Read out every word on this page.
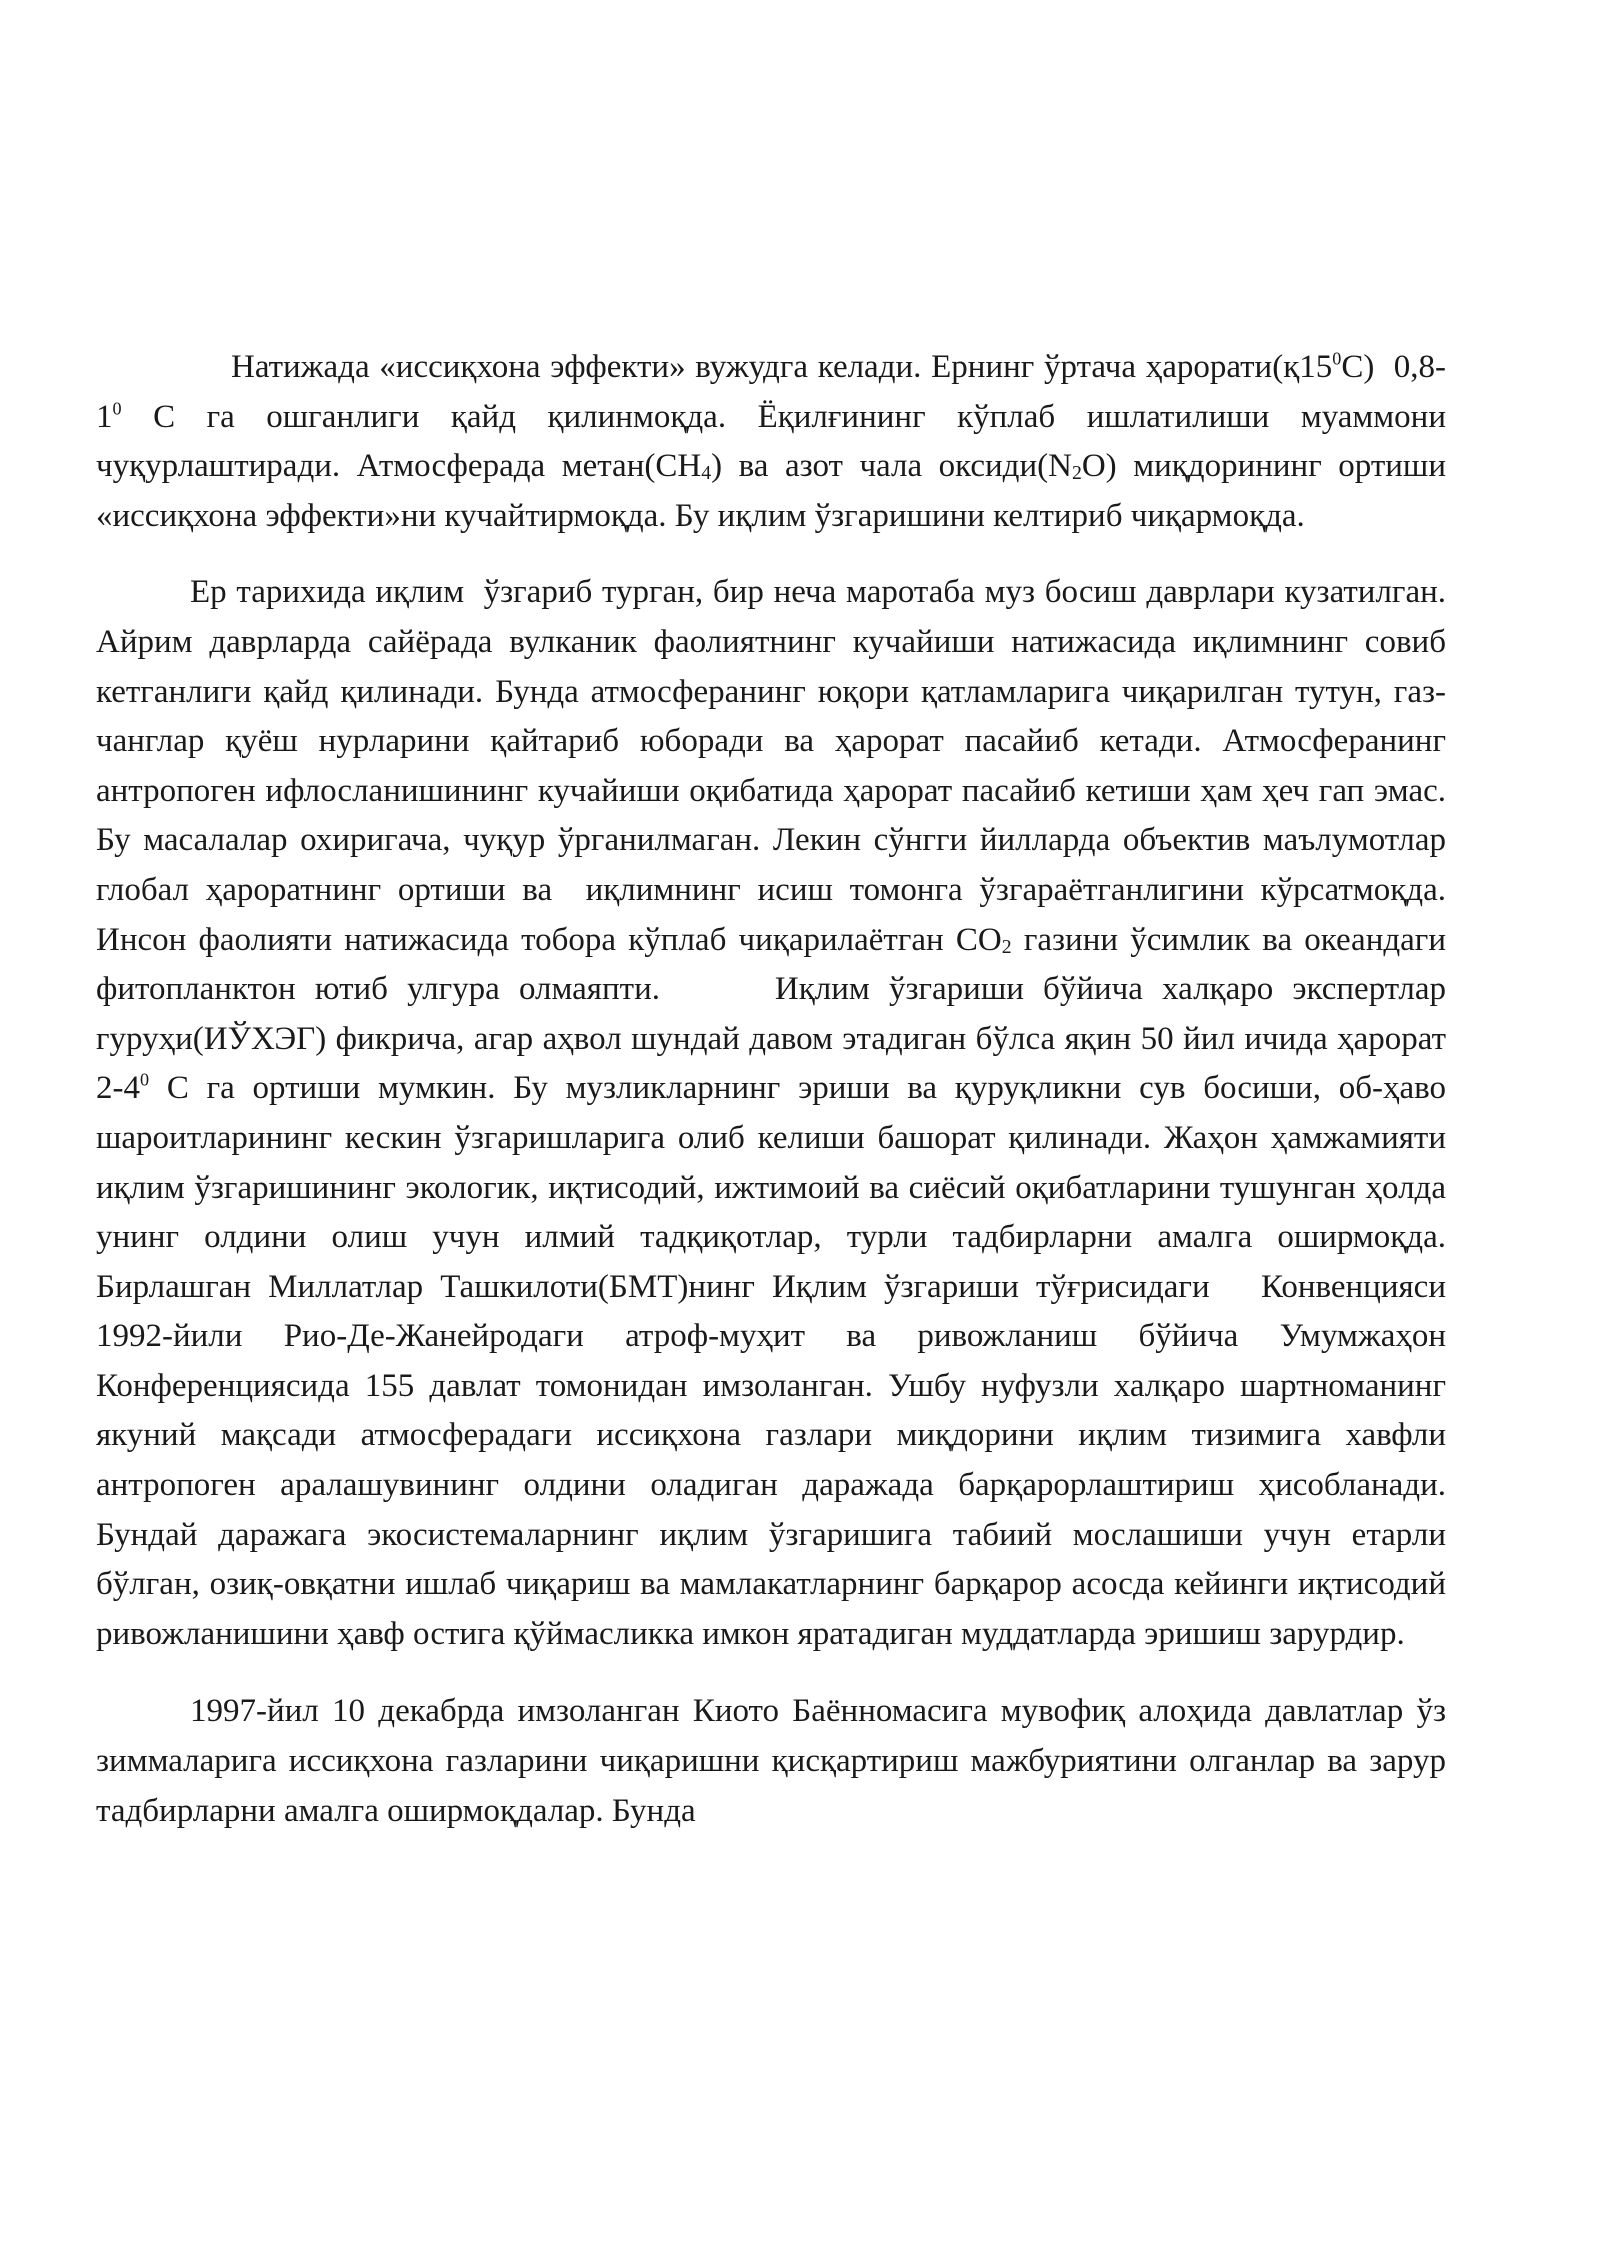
Натижада «иссиқхона эффекти» вужудга келади. Ернинг ўртача $ҳарорати(қ15^0С)$  $0,8-1^0$ С га ошганлиги қайд қилинмоқда. Ёқилғининг кўплаб ишлатилиши муаммони чуқурлаштиради. Атмосферада $метан(СН_4)$ ва азот чала $оксиди(N_2O)$ миқдорининг ортиши  «иссиқхона эффекти»ни кучайтирмоқда. Бу иқлим ўзгаришини келтириб чиқармоқда.

Ер тарихида иқлим  ўзгариб турган, бир неча маротаба муз босиш даврлари кузатилган. Айрим даврларда сайёрада вулканик фаолиятнинг кучайиши натижасида иқлимнинг совиб кетганлиги қайд қилинади. Бунда атмосферанинг юқори қатламларига чиқарилган тутун, газ-чанглар қуёш нурларини қайтариб юборади ва ҳарорат пасайиб кетади. Атмосферанинг антропоген ифлосланишининг кучайиши оқибатида ҳарорат пасайиб кетиши ҳам ҳеч гап эмас. Бу масалалар охиригача, чуқур ўрганилмаган. Лекин сўнгги йилларда объектив маълумотлар глобал ҳароратнинг ортиши ва  иқлимнинг исиш томонга ўзгараётганлигини кўрсатмоқда. Инсон фаолияти натижасида тобора кўплаб чиқарилаётган $СО_2$ газини ўсимлик ва океандаги фитопланктон ютиб улгура олмаяпти.      Иқлим ўзгариши бўйича халқаро экспертлар гуруҳи(ИЎХЭГ) фикрича, агар аҳвол шундай давом этадиган бўлса яқин 50 йил ичида ҳарорат $2-4^0$ С га ортиши мумкин. Бу музликларнинг эриши ва қуруқликни сув босиши, об-ҳаво шароитларининг кескин ўзгаришларига олиб келиши башорат қилинади. Жаҳон ҳамжамияти иқлим ўзгаришининг экологик, иқтисодий, ижтимоий ва сиёсий оқибатларини тушунган ҳолда      унинг олдини олиш учун илмий тадқиқотлар, турли тадбирларни амалга оширмоқда. Бирлашган Миллатлар Ташкилоти(БМТ)нинг Иқлим ўзгариши тўғрисидаги   Конвенцияси 1992-йили Рио-Де-Жанейродаги атроф-муҳит ва ривожланиш бўйича Умумжаҳон Конференциясида 155 давлат томонидан имзоланган. Ушбу нуфузли халқаро шартноманинг якуний мақсади атмосферадаги иссиқхона газлари миқдорини иқлим тизимига хавфли антропоген аралашувининг олдини оладиган даражада барқарорлаштириш ҳисобланади. Бундай даражага экосистемаларнинг иқлим ўзгаришига табиий мослашиши учун етарли бўлган, озиқ-овқатни ишлаб чиқариш ва мамлакатларнинг барқарор асосда кейинги иқтисодий ривожланишини ҳавф остига қўймасликка имкон яратадиган муддатларда эришиш зарурдир.

1997-йил 10 декабрда имзоланган Киото Баённомасига мувофиқ алоҳида давлатлар ўз зиммаларига иссиқхона газларини чиқаришни қисқартириш мажбуриятини олганлар ва зарур тадбирларни амалга оширмоқдалар. Бунда
